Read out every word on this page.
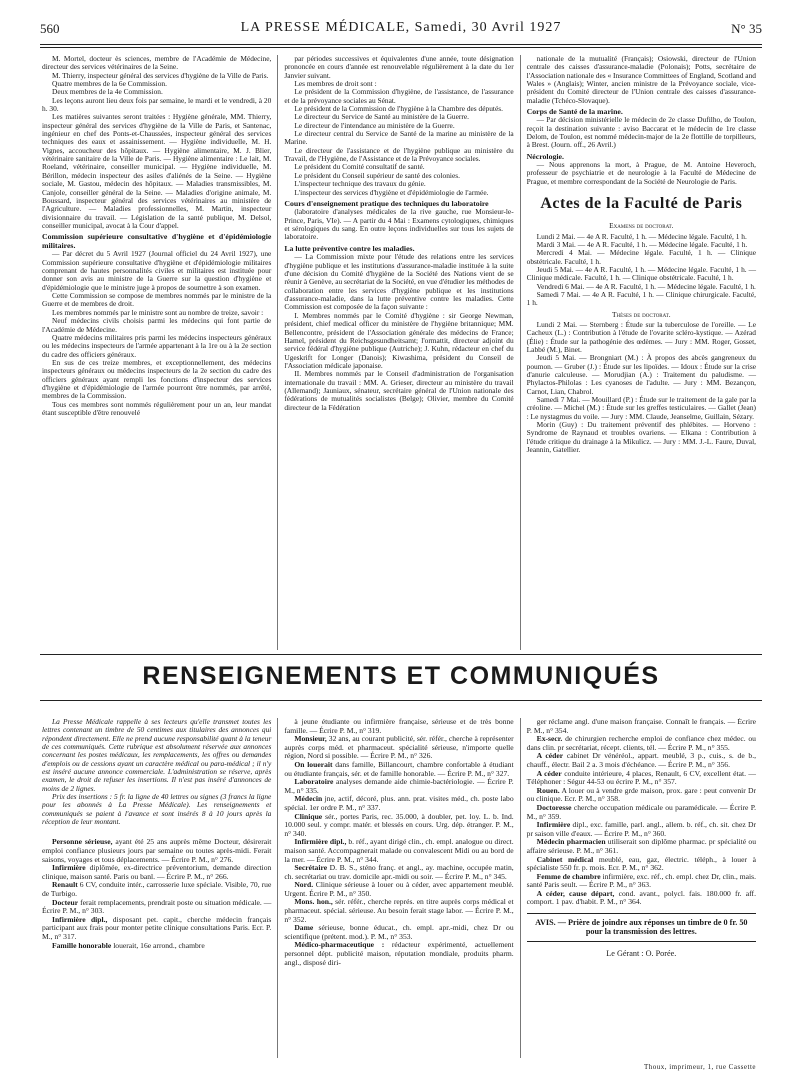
560	LA PRESSE MÉDICALE, Samedi, 30 Avril 1927	N° 35

M. Mortel, docteur ès sciences, membre de l'Académie de Médecine, directeur des services vétérinaires de la Seine.

M. Thierry, inspecteur général des services d'hygiène de la Ville de Paris.

Quatre membres de la 6e Commission.

Deux membres de la 4e Commission.

Les leçons auront lieu deux fois par semaine, le mardi et le vendredi, à 20 h. 30.

Les matières suivantes seront traitées : Hygiène générale, MM. Thierry, inspecteur général des services d'hygiène de la Ville de Paris, et Santenac, ingénieur en chef des Ponts-et-Chaussées, inspecteur général des services techniques des eaux et assainissement. — Hygiène individuelle, M. H. Vignes, accoucheur des hôpitaux. — Hygiène alimentaire, M. J. Blier, vétérinaire sanitaire de la Ville de Paris. — Hygiène alimentaire : Le lait, M. Roeland, vétérinaire, conseiller municipal. — Hygiène individuelle, M. Bérillon, médecin inspecteur des asiles d'aliénés de la Seine. — Hygiène sociale, M. Gastou, médecin des hôpitaux. — Maladies transmissibles, M. Canjole, conseiller général de la Seine. — Maladies d'origine animale, M. Boussard, inspecteur général des services vétérinaires au ministère de l'Agriculture. — Maladies professionnelles, M. Martin, inspecteur divisionnaire du travail. — Législation de la santé publique, M. Delsol, conseiller municipal, avocat à la Cour d'appel.

Commission supérieure consultative d'hygiène et d'épidémiologie militaires.

— Par décret du 5 Avril 1927 (Journal officiel du 24 Avril 1927), une Commission supérieure consultative d'hygiène et d'épidémiologie militaires comprenant de hautes personnalités civiles et militaires est instituée pour donner son avis au ministre de la Guerre sur la question d'hygiène et d'épidémiologie que le ministre juge à propos de soumettre à son examen.

Cette Commission se compose de membres nommés par le ministre de la Guerre et de membres de droit.

Les membres nommés par le ministre sont au nombre de treize, savoir :

Neuf médecins civils choisis parmi les médecins qui font partie de l'Académie de Médecine.

Quatre médecins militaires pris parmi les médecins inspecteurs généraux ou les médecins inspecteurs de l'armée appartenant à la 1re ou à la 2e section du cadre des officiers généraux.

En sus de ces treize membres, et exceptionnellement, des médecins inspecteurs généraux ou médecins inspecteurs de la 2e section du cadre des officiers généraux ayant rempli les fonctions d'inspecteur des services d'hygiène et d'épidémiologie de l'armée pourront être nommés, par arrêté, membres de la Commission.

Tous ces membres sont nommés régulièrement pour un an, leur mandat étant susceptible d'être renouvelé

par périodes successives et équivalentes d'une année, toute désignation prononcée en cours d'année est renouvelable régulièrement à la date du 1er Janvier suivant.

Les membres de droit sont :

Le président de la Commission d'hygiène, de l'assistance, de l'assurance et de la prévoyance sociales au Sénat.

Le président de la Commission de l'hygiène à la Chambre des députés.

Le directeur du Service de Santé au ministère de la Guerre.

Le directeur de l'intendance au ministère de la Guerre.

Le directeur central du Service de Santé de la marine au ministère de la Marine.

Le directeur de l'assistance et de l'hygiène publique au ministère du Travail, de l'Hygiène, de l'Assistance et de la Prévoyance sociales.

Le président du Comité consultatif de santé.

Le président du Conseil supérieur de santé des colonies.

L'inspecteur technique des travaux du génie.

L'inspecteur des services d'hygiène et d'épidémiologie de l'armée.

Cours d'enseignement pratique des techniques du laboratoire

(laboratoire d'analyses médicales de la rive gauche, rue Monsieur-le-Prince, Paris, VIe). — A partir du 4 Mai : Examens cytologiques, chimiques et sérologiques du sang. En outre leçons individuelles sur tous les sujets de laboratoire.

La lutte préventive contre les maladies.

— La Commission mixte pour l'étude des relations entre les services d'hygiène publique et les institutions d'assurance-maladie instituée à la suite d'une décision du Comité d'hygiène de la Société des Nations vient de se réunir à Genève, au secrétariat de la Société, en vue d'étudier les méthodes de collaboration entre les services d'hygiène publique et les institutions d'assurance-maladie, dans la lutte préventive contre les maladies. Cette Commission est composée de la façon suivante :

I. Membres nommés par le Comité d'hygiène : sir George Newman, président, chief medical officer du ministère de l'hygiène britannique; MM. Bellencontre, président de l'Association générale des médecins de France; Hamel, président du Reichsgesundheitsamt; l'ormattit, directeur adjoint du service fédéral d'hygiène publique (Autriche); J. Kuhn, rédacteur en chef du Ugeskrift for Longer (Danois); Kiwashima, président du Conseil de l'Association médicale japonaise.

II. Membres nommés par le Conseil d'administration de l'organisation internationale du travail : MM. A. Grieser, directeur au ministère du travail (Allemand); Jauniaux, sénateur, secrétaire général de l'Union nationale des fédérations de mutualités socialistes (Belge); Olivier, membre du Comité directeur de la Fédération

nationale de la mutualité (Français); Osiowski, directeur de l'Union centrale des caisses d'assurance-maladie (Polonais); Potts, secrétaire de l'Association nationale des « Insurance Committees of England, Scotland and Wales » (Anglais); Winter, ancien ministre de la Prévoyance sociale, vice-président du Comité directeur de l'Union centrale des caisses d'assurance-maladie (Tchéco-Slovaque).

Corps de Santé de la marine.

— Par décision ministérielle le médecin de 2e classe Dufilho, de Toulon, reçoit la destination suivante : aviso Baccarat et le médecin de 1re classe Delom, de Toulon, est nommé médecin-major de la 2e flottille de torpilleurs, à Brest. (Journ. off., 26 Avril.)

Nécrologie.

— Nous apprenons la mort, à Prague, de M. Antoine Heveroch, professeur de psychiatrie et de neurologie à la Faculté de Médecine de Prague, et membre correspondant de la Société de Neurologie de Paris.

Actes de la Faculté de Paris

Examens de doctorat.

Lundi 2 Mai. — 4e A R. Faculté, 1 h. — Médecine légale. Faculté, 1 h.

Mardi 3 Mai. — 4e A R. Faculté, 1 h. — Médecine légale. Faculté, 1 h.

Mercredi 4 Mai. — Médecine légale. Faculté, 1 h. — Clinique obstétricale. Faculté, 1 h.

Jeudi 5 Mai. — 4e A R. Faculté, 1 h. — Médecine légale. Faculté, 1 h. — Clinique médicale. Faculté, 1 h. — Clinique obstétricale. Faculté, 1 h.

Vendredi 6 Mai. — 4e A R. Faculté, 1 h. — Médecine légale. Faculté, 1 h.

Samedi 7 Mai. — 4e A R. Faculté, 1 h. — Clinique chirurgicale. Faculté, 1 h.

Thèses de doctorat.

Lundi 2 Mai. — Sternberg : Étude sur la tuberculose de l'oreille. — Le Cacheux (L.) : Contribution à l'étude de l'ovarite scléro-kystique. — Azérad (Élie) : Étude sur la pathogénie des œdèmes. — Jury : MM. Roger, Gosset, Labbé (M.), Binet.

Jeudi 5 Mai. — Brongniart (M.) : À propos des abcès gangreneux du poumon. — Gruber (J.) : Étude sur les lipoïdes. — Idoux : Étude sur la crise d'anurie calculeuse. — Morudjian (A.) : Traitement du paludisme. — Phylactos-Philolas : Les cyanoses de l'adulte. — Jury : MM. Bezançon, Carnot, Lian, Chabrol.

Samedi 7 Mai. — Mouillard (P.) : Étude sur le traitement de la gale par la créoline. — Michel (M.) : Étude sur les greffes testiculaires. — Gallet (Jean) : Le nystagmus du voile. — Jury : MM. Claude, Jeanselme, Guillain, Sézary.

Morin (Guy) : Du traitement préventif des phlébites. — Horveno : Syndrome de Raynaud et troubles ovariens. — Elkana : Contribution à l'étude critique du drainage à la Mikulicz. — Jury : MM. J.-L. Faure, Duval, Jeannin, Gatellier.

RENSEIGNEMENTS ET COMMUNIQUÉS

La Presse Médicale rappelle à ses lecteurs qu'elle transmet toutes les lettres contenant un timbre de 50 centimes aux titulaires des annonces qui répondent directement. Elle ne prend aucune responsabilité quant à la teneur de ces communiqués. Cette rubrique est absolument réservée aux annonces concernant les postes médicaux, les remplacements, les offres ou demandes d'emplois ou de cessions ayant un caractère médical ou para-médical ; il n'y est inséré aucune annonce commerciale. L'administration se réserve, après examen, le droit de refuser les insertions. Il n'est pas inséré d'annonces de moins de 2 lignes.

Prix des insertions : 5 fr. la ligne de 40 lettres ou signes (3 francs la ligne pour les abonnés à La Presse Médicale). Les renseignements et communiqués se paient à l'avance et sont insérés 8 à 10 jours après la réception de leur montant.

Personne sérieuse, ayant été 25 ans auprès même Docteur, désirerait emploi confiance plusieurs jours par semaine ou toutes après-midi. Ferait saisons, voyages et tous déplacements. — Écrire P. M., n° 276.

Infirmière diplômée, ex-directrice préventorium, demande direction clinique, maison santé. Paris ou banl. — Écrire P. M., n° 266.

Renault 6 CV, conduite intér., carrosserie luxe spéciale. Visible, 70, rue de Turbigo.

Docteur ferait remplacements, prendrait poste ou situation médicale. — Écrire P. M., n° 303.

Infirmière dipl., disposant pet. capit., cherche médecin français participant aux frais pour monter petite clinique consultations Paris. Ecr. P. M., n° 317.

Famille honorable louerait, 16e arrond., chambre

à jeune étudiante ou infirmière française, sérieuse et de très bonne famille. — Écrire P. M., n° 319.

Monsieur, 32 ans, au courant publicité, sér. référ., cherche à représenter auprès corps méd. et pharmaceut. spécialité sérieuse, n'importe quelle région, Nord si possible. — Écrire P. M., n° 326.

On louerait dans famille, Billancourt, chambre confortable à étudiant ou étudiante français, sér. et de famille honorable. — Écrire P. M., n° 327.

Laboratoire analyses demande aide chimie-bactériologie. — Écrire P. M., n° 335.

Médecin jne, actif, décoré, plus. ann. prat. visites méd., ch. poste labo spécial. 1er ordre P. M., n° 337.

Clinique sér., portes Paris, rec. 35.000, à doubler, pet. loy. L. b. Ind. 10.000 seul. y compr. matér. et blessés en cours. Urg. dép. étranger. P. M., n° 340.

Infirmière dipl., b. réf., ayant dirigé clin., ch. empl. analogue ou direct. maison santé. Accompagnerait malade ou convalescent Midi ou au bord de la mer. — Écrire P. M., n° 344.

Secrétaire D. B. S., sténo franç. et angl., ay. machine, occupée matin, ch. secrétariat ou trav. domicile apr.-midi ou soir. — Écrire P. M., n° 345.

Nord. Clinique sérieuse à louer ou à céder, avec appartement meublé. Urgent. Écrire P. M., n° 350.

Mons. hon., sér. référ., cherche représ. en titre auprès corps médical et pharmaceut. spécial. sérieuse. Au besoin ferait stage labor. — Écrire P. M., n° 352.

Dame sérieuse, bonne éducat., ch. empl. apr.-midi, chez Dr ou scientifique (prétent. mod.). P. M., n° 353.

Médico-pharmaceutique : rédacteur expérimenté, actuellement personnel dépt. publicité maison, réputation mondiale, produits pharm. angl., disposé diri-

ger réclame angl. d'une maison française. Connaît le français. — Écrire P. M., n° 354.

Ex-secr. de chirurgien recherche emploi de confiance chez médec. ou dans clin. pr secrétariat, récept. clients, tél. — Écrire P. M., n° 355.

A céder cabinet Dr vénéréol., appart. meublé, 3 p., cuis., s. de b., chauff., électr. Bail 2 a. 3 mois d'échéance. — Écrire P. M., n° 356.

A céder conduite intérieure, 4 places, Renault, 6 CV, excellent état. — Téléphoner : Ségur 44-53 ou écrire P. M., n° 357.

Rouen. A louer ou à vendre grde maison, prox. gare : peut convenir Dr ou clinique. Ecr. P. M., n° 358.

Doctoresse cherche occupation médicale ou paramédicale. — Écrire P. M., n° 359.

Infirmière dipl., exc. famille, parl. angl., allem. b. réf., ch. sit. chez Dr pr saison ville d'eaux. — Écrire P. M., n° 360.

Médecin pharmacien utiliserait son diplôme pharmac. pr spécialité ou affaire sérieuse. P. M., n° 361.

Cabinet médical meublé, eau, gaz, électric. téléph., à louer à spécialiste 550 fr. p. mois. Ecr. P. M., n° 362.

Femme de chambre infirmière, exc. réf., ch. empl. chez Dr, clin., mais. santé Paris seult. — Écrire P. M., n° 363.

A céder, cause départ, cond. avant., polycl. fais. 180.000 fr. aff. comport. 1 pav. d'habit. P. M., n° 364.

AVIS. — Prière de joindre aux réponses un timbre de 0 fr. 50 pour la transmission des lettres.
Le Gérant : O. Porée.
Thoux, imprimeur, 1, rue Cassette
